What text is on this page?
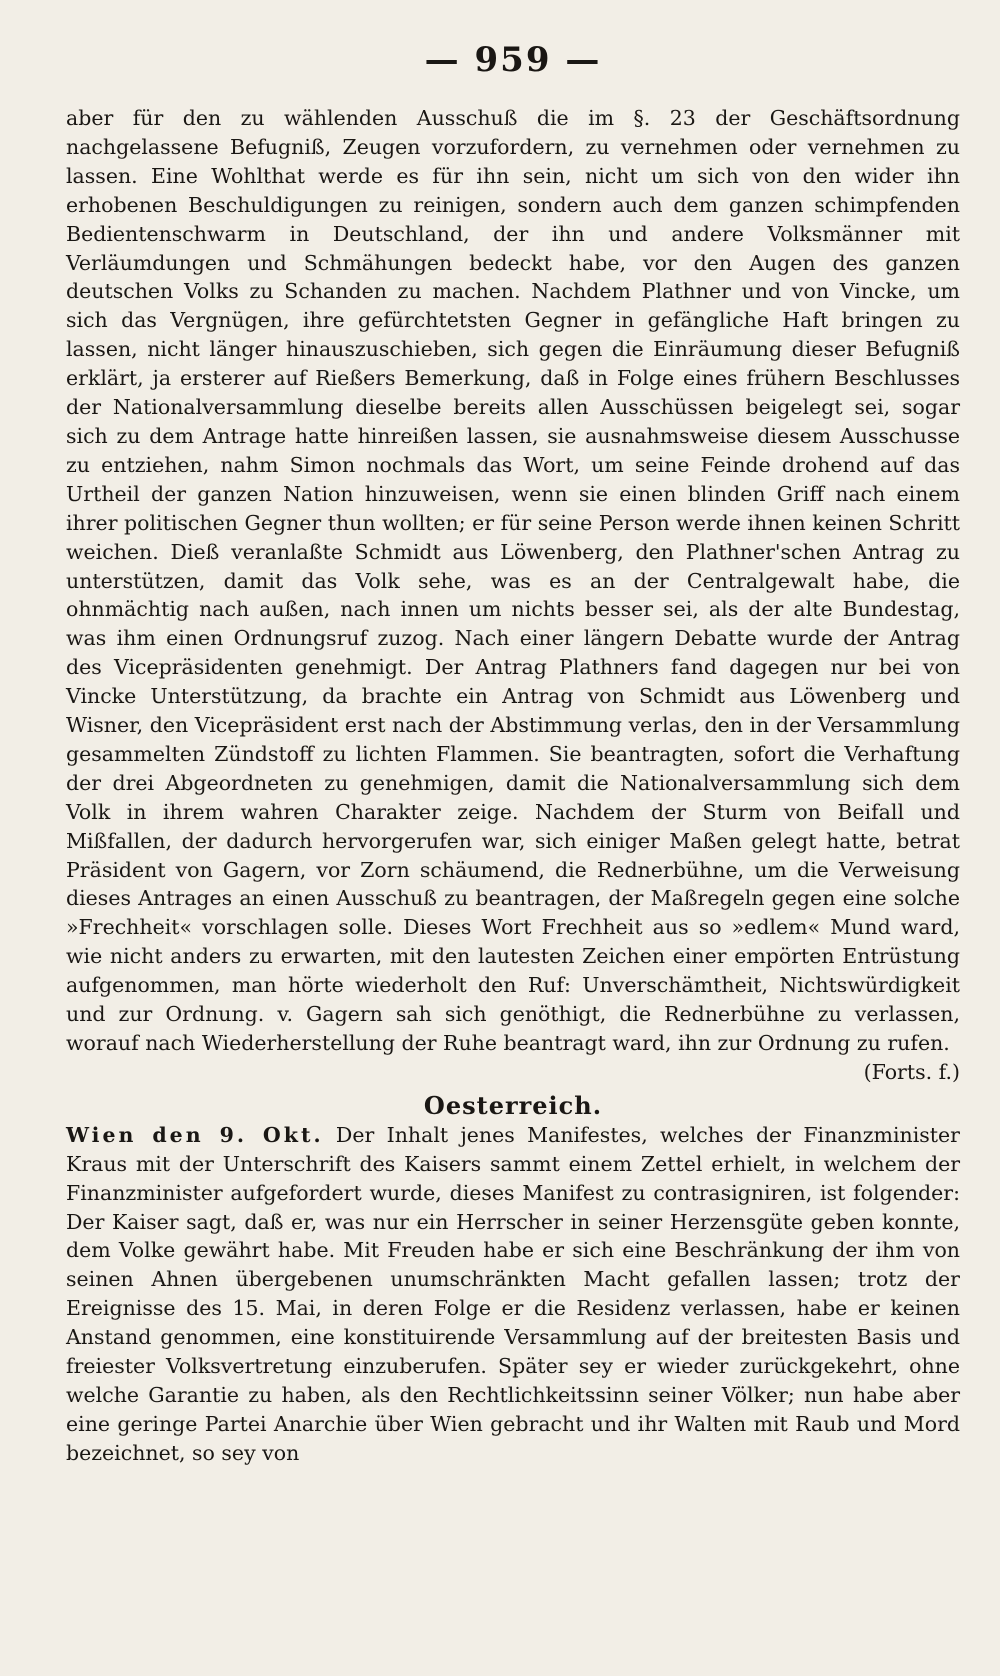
— 959 —

aber für den zu wählenden Ausschuß die im §. 23 der Geschäftsordnung nachgelassene Befugniß, Zeugen vorzufordern, zu vernehmen oder vernehmen zu lassen. Eine Wohlthat werde es für ihn sein, nicht um sich von den wider ihn erhobenen Beschuldigungen zu reinigen, sondern auch dem ganzen schimpfenden Bedientenschwarm in Deutschland, der ihn und andere Volksmänner mit Verläumdungen und Schmähungen bedeckt habe, vor den Augen des ganzen deutschen Volks zu Schanden zu machen. Nachdem Plathner und von Vincke, um sich das Vergnügen, ihre gefürchtetsten Gegner in gefängliche Haft bringen zu lassen, nicht länger hinauszuschieben, sich gegen die Einräumung dieser Befugniß erklärt, ja ersterer auf Rießers Bemerkung, daß in Folge eines frühern Beschlusses der Nationalversammlung dieselbe bereits allen Ausschüssen beigelegt sei, sogar sich zu dem Antrage hatte hinreißen lassen, sie ausnahmsweise diesem Ausschusse zu entziehen, nahm Simon nochmals das Wort, um seine Feinde drohend auf das Urtheil der ganzen Nation hinzuweisen, wenn sie einen blinden Griff nach einem ihrer politischen Gegner thun wollten; er für seine Person werde ihnen keinen Schritt weichen. Dieß veranlaßte Schmidt aus Löwenberg, den Plathner'schen Antrag zu unterstützen, damit das Volk sehe, was es an der Centralgewalt habe, die ohnmächtig nach außen, nach innen um nichts besser sei, als der alte Bundestag, was ihm einen Ordnungsruf zuzog. Nach einer längern Debatte wurde der Antrag des Vicepräsidenten genehmigt. Der Antrag Plathners fand dagegen nur bei von Vincke Unterstützung, da brachte ein Antrag von Schmidt aus Löwenberg und Wisner, den Vicepräsident erst nach der Abstimmung verlas, den in der Versammlung gesammelten Zündstoff zu lichten Flammen. Sie beantragten, sofort die Verhaftung der drei Abgeordneten zu genehmigen, damit die Nationalversammlung sich dem Volk in ihrem wahren Charakter zeige. Nachdem der Sturm von Beifall und Mißfallen, der dadurch hervorgerufen war, sich einiger Maßen gelegt hatte, betrat Präsident von Gagern, vor Zorn schäumend, die Rednerbühne, um die Verweisung dieses Antrages an einen Ausschuß zu beantragen, der Maßregeln gegen eine solche »Frechheit« vorschlagen solle. Dieses Wort Frechheit aus so »edlem« Mund ward, wie nicht anders zu erwarten, mit den lautesten Zeichen einer empörten Entrüstung aufgenommen, man hörte wiederholt den Ruf: Unverschämtheit, Nichtswürdigkeit und zur Ordnung. v. Gagern sah sich genöthigt, die Rednerbühne zu verlassen, worauf nach Wiederherstellung der Ruhe beantragt ward, ihn zur Ordnung zu rufen.

(Forts. f.)
Oesterreich.

Wien den 9. Okt. Der Inhalt jenes Manifestes, welches der Finanzminister Kraus mit der Unterschrift des Kaisers sammt einem Zettel erhielt, in welchem der Finanzminister aufgefordert wurde, dieses Manifest zu contrasigniren, ist folgender: Der Kaiser sagt, daß er, was nur ein Herrscher in seiner Herzensgüte geben konnte, dem Volke gewährt habe. Mit Freuden habe er sich eine Beschränkung der ihm von seinen Ahnen übergebenen unumschränkten Macht gefallen lassen; trotz der Ereignisse des 15. Mai, in deren Folge er die Residenz verlassen, habe er keinen Anstand genommen, eine konstituirende Versammlung auf der breitesten Basis und freiester Volksvertretung einzuberufen. Später sey er wieder zurückgekehrt, ohne welche Garantie zu haben, als den Rechtlichkeitssinn seiner Völker; nun habe aber eine geringe Partei Anarchie über Wien gebracht und ihr Walten mit Raub und Mord bezeichnet, so sey von
